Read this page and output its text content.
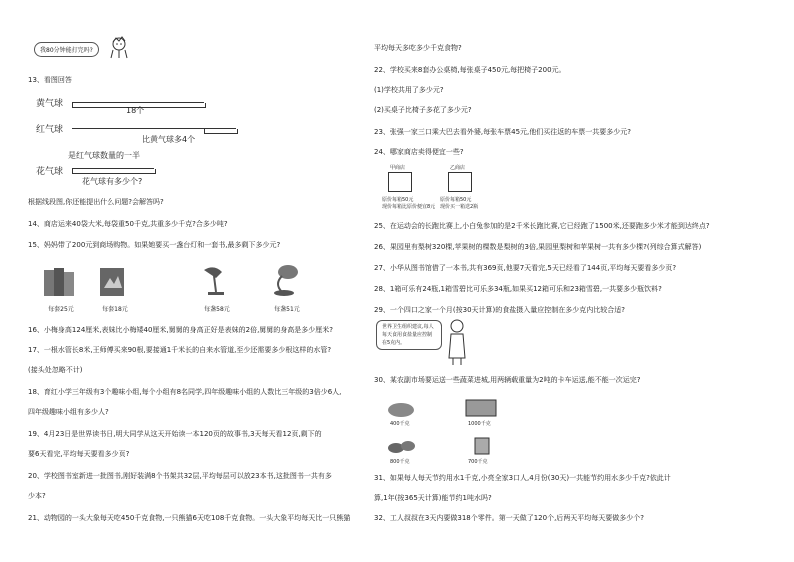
我80分钟能打完吗?
13、看图回答
黄气球
18个
红气球
比黄气球多4个
是红气球数量的一半
花气球
花气球有多少个?
根据线段图,你还能提出什么问题?会解答吗?
14、商店运来40袋大米,每袋重50千克,共重多少千克?合多少吨?
15、妈妈带了200元到商场购物。如果她要买一盏台灯和一套书,最多剩下多少元?
每套25元	每套18元	每盏58元	每盏51元
16、小梅身高124厘米,表妹比小梅矮40厘米,舅舅的身高正好是表妹的2倍,舅舅的身高是多少厘米?
17、一根水管长8米,王师傅买来90根,要接通1千米长的自来水管道,至少还需要多少根这样的水管?
(接头处忽略不计)
18、育红小学三年级有3个趣味小组,每个小组有8名同学,四年级趣味小组的人数比三年级的3倍少6人,
四年级趣味小组有多少人?
19、4月23日是世界读书日,明大同学从这天开始读一本120页的故事书,3天每天看12页,剩下的
要6天看完,平均每天要看多少页?
20、学校图书室新进一批图书,刚好装满8个书架共32层,平均每层可以放23本书,这批图书一共有多
少本?
21、动物园的一头大象每天吃450千克食物,一只熊猫6天吃108千克食物。一头大象平均每天比一只熊猫
平均每天多吃多少千克食物?
22、学校买来8套办公桌椅,每张桌子450元,每把椅子200元。
(1)学校共用了多少元?
(2)买桌子比椅子多花了多少元?
23、张强一家三口乘大巴去看外婆,每张车票45元,他们买往返的车票一共要多少元?
24、哪家商店卖得便宜一些?
甲商店
原价每箱50元
现价每箱比原价便宜8元
乙商店
原价每箱50元
现价买一箱送2瓶
25、在运动会的长跑比赛上,小白兔参加的是2千米长跑比赛,它已经跑了1500米,还要跑多少米才能到达终点?
26、果园里有梨树320棵,苹果树的棵数是梨树的3倍,果园里梨树和苹果树一共有多少棵?(列综合算式解答)
27、小华从图书馆借了一本书,共有369页,他要7天看完,5天已经看了144页,平均每天要看多少页?
28、1箱可乐有24瓶,1箱雪碧比可乐多34瓶,如果买12箱可乐和23箱雪碧,一共要多少瓶饮料?
29、一个四口之家一个月(按30天计算)的食盐摄入量应控制在多少克内比较合适?
世界卫生组织建议,每人每天食用食盐量应控制在5克内。
30、某农副市场要运送一些蔬菜进城,用两辆载重量为2吨的卡车运送,能不能一次运完?
400千克	1000千克
800千克	700千克
31、如果每人每天节约用水1千克,小亮全家3口人,4月份(30天)一共能节约用水多少千克?依此计
算,1年(按365天计算)能节约1吨水吗?
32、工人叔叔在3天内要做318个零件。第一天做了120个,后两天平均每天要做多少个?
